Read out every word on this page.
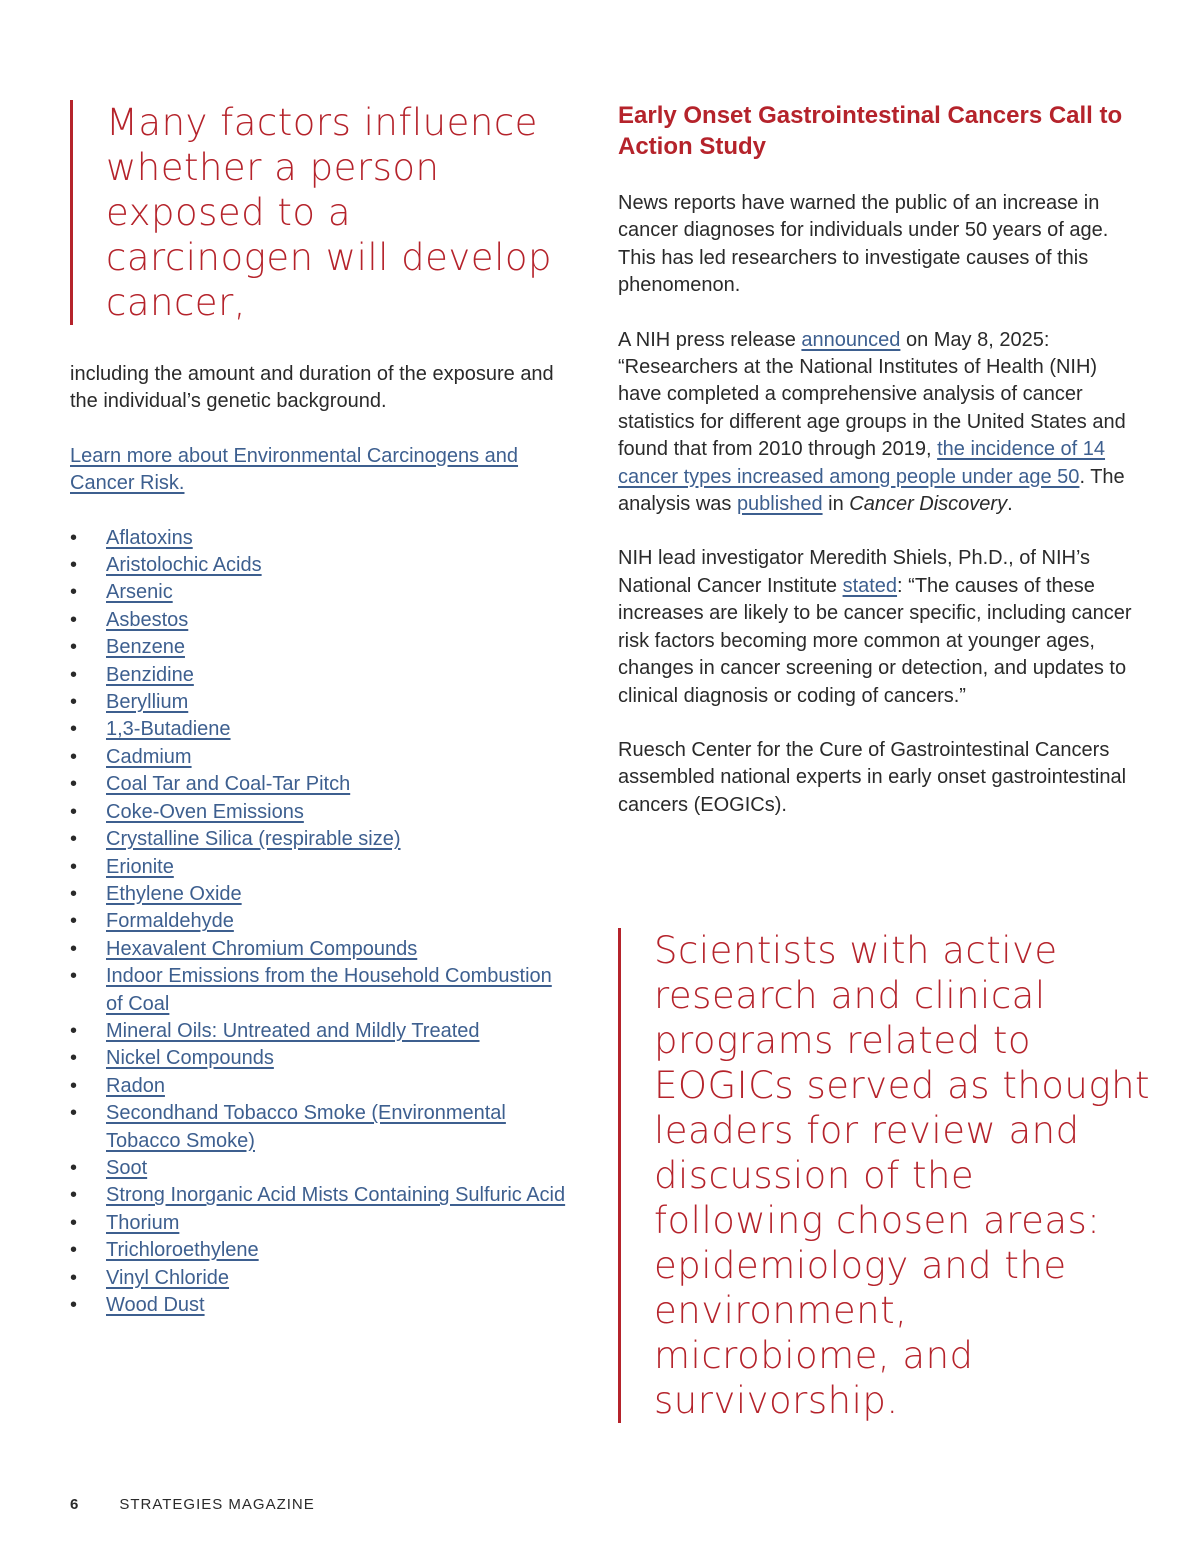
Many factors influence whether a person exposed to a carcinogen will develop cancer,

including the amount and duration of the exposure and the individual’s genetic background.

Learn more about Environmental Carcinogens and Cancer Risk.

• Aflatoxins
• Aristolochic Acids
• Arsenic
• Asbestos
• Benzene
• Benzidine
• Beryllium
• 1,3-Butadiene
• Cadmium
• Coal Tar and Coal-Tar Pitch
• Coke-Oven Emissions
• Crystalline Silica (respirable size)
• Erionite
• Ethylene Oxide
• Formaldehyde
• Hexavalent Chromium Compounds
• Indoor Emissions from the Household Combustion of Coal
• Mineral Oils: Untreated and Mildly Treated
• Nickel Compounds
• Radon
• Secondhand Tobacco Smoke (Environmental Tobacco Smoke)
• Soot
• Strong Inorganic Acid Mists Containing Sulfuric Acid
• Thorium
• Trichloroethylene
• Vinyl Chloride
• Wood Dust
Early Onset Gastrointestinal Cancers Call to Action Study

News reports have warned the public of an increase in cancer diagnoses for individuals under 50 years of age. This has led researchers to investigate causes of this phenomenon.

A NIH press release announced on May 8, 2025: “Researchers at the National Institutes of Health (NIH) have completed a comprehensive analysis of cancer statistics for different age groups in the United States and found that from 2010 through 2019, the incidence of 14 cancer types increased among people under age 50. The analysis was published in Cancer Discovery.

NIH lead investigator Meredith Shiels, Ph.D., of NIH’s National Cancer Institute stated: “The causes of these increases are likely to be cancer specific, including cancer risk factors becoming more common at younger ages, changes in cancer screening or detection, and updates to clinical diagnosis or coding of cancers.”

Ruesch Center for the Cure of Gastrointestinal Cancers assembled national experts in early onset gastrointestinal cancers (EOGICs).

Scientists with active research and clinical programs related to EOGICs served as thought leaders for review and discussion of the following chosen areas: epidemiology and the environment, microbiome, and survivorship.
6	STRATEGIES MAGAZINE
